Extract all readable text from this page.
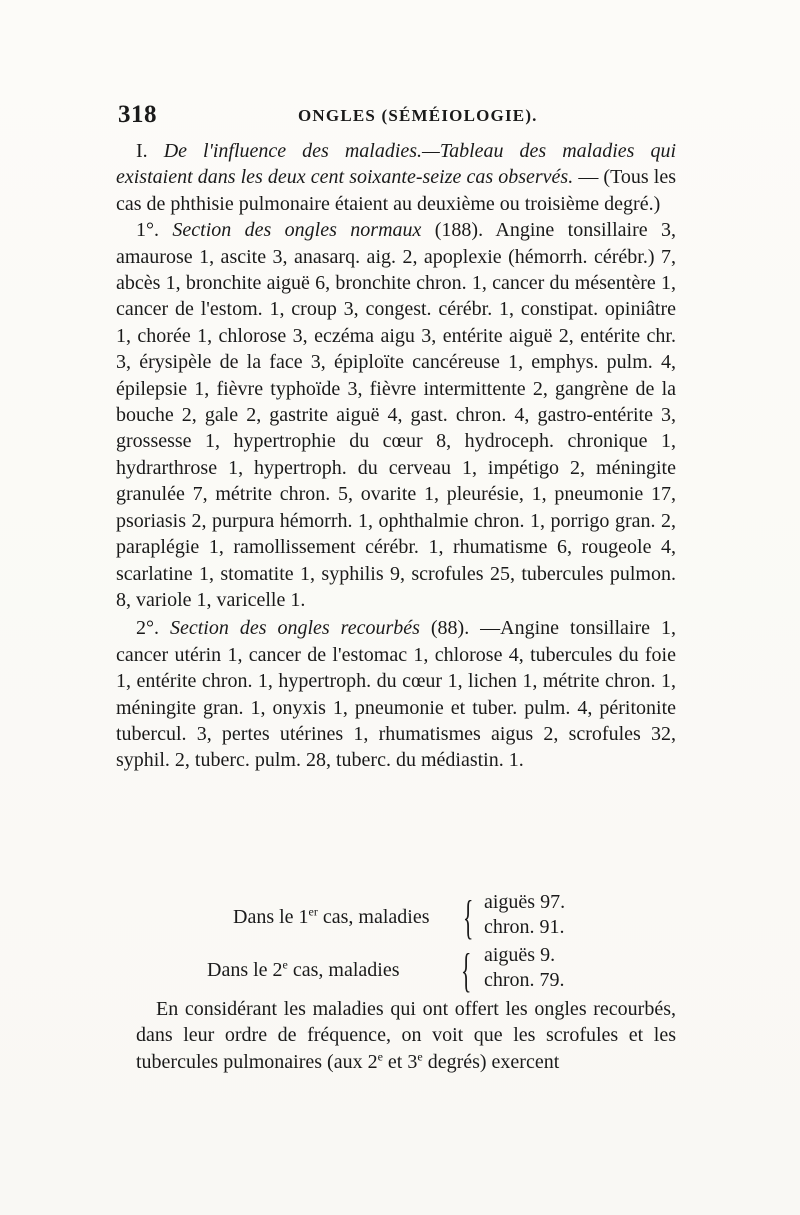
318	ONGLES (SÉMÉIOLOGIE).

I. De l'influence des maladies.—Tableau des maladies qui existaient dans les deux cent soixante-seize cas observés. — (Tous les cas de phthisie pulmonaire étaient au deuxième ou troisième degré.)

1°. Section des ongles normaux (188). Angine tonsillaire 3, amaurose 1, ascite 3, anasarq. aig. 2, apoplexie (hémorrh. cérébr.) 7, abcès 1, bronchite aiguë 6, bronchite chron. 1, cancer du mésentère 1, cancer de l'estom. 1, croup 3, congest. cérébr. 1, constipat. opiniâtre 1, chorée 1, chlorose 3, eczéma aigu 3, entérite aiguë 2, entérite chr. 3, érysipèle de la face 3, épiploïte cancéreuse 1, emphys. pulm. 4, épilepsie 1, fièvre typhoïde 3, fièvre intermittente 2, gangrène de la bouche 2, gale 2, gastrite aiguë 4, gast. chron. 4, gastro-entérite 3, grossesse 1, hypertrophie du cœur 8, hydroceph. chronique 1, hydrarthrose 1, hypertroph. du cerveau 1, impétigo 2, méningite granulée 7, métrite chron. 5, ovarite 1, pleurésie, 1, pneumonie 17, psoriasis 2, purpura hémorrh. 1, ophthalmie chron. 1, porrigo gran. 2, paraplégie 1, ramollissement cérébr. 1, rhumatisme 6, rougeole 4, scarlatine 1, stomatite 1, syphilis 9, scrofules 25, tubercules pulmon. 8, variole 1, varicelle 1.

2°. Section des ongles recourbés (88). —Angine tonsillaire 1, cancer utérin 1, cancer de l'estomac 1, chlorose 4, tubercules du foie 1, entérite chron. 1, hypertroph. du cœur 1, lichen 1, métrite chron. 1, méningite gran. 1, onyxis 1, pneumonie et tuber. pulm. 4, péritonite tubercul. 3, pertes utérines 1, rhumatismes aigus 2, scrofules 32, syphil. 2, tuberc. pulm. 28, tuberc. du médiastin. 1.

Dans le 1er cas, maladies { aiguës 97.
chron. 91.
Dans le 2e cas, maladies { aiguës 9.
chron. 79.

En considérant les maladies qui ont offert les ongles recourbés, dans leur ordre de fréquence, on voit que les scrofules et les tubercules pulmonaires (aux 2e et 3e degrés) exercent
